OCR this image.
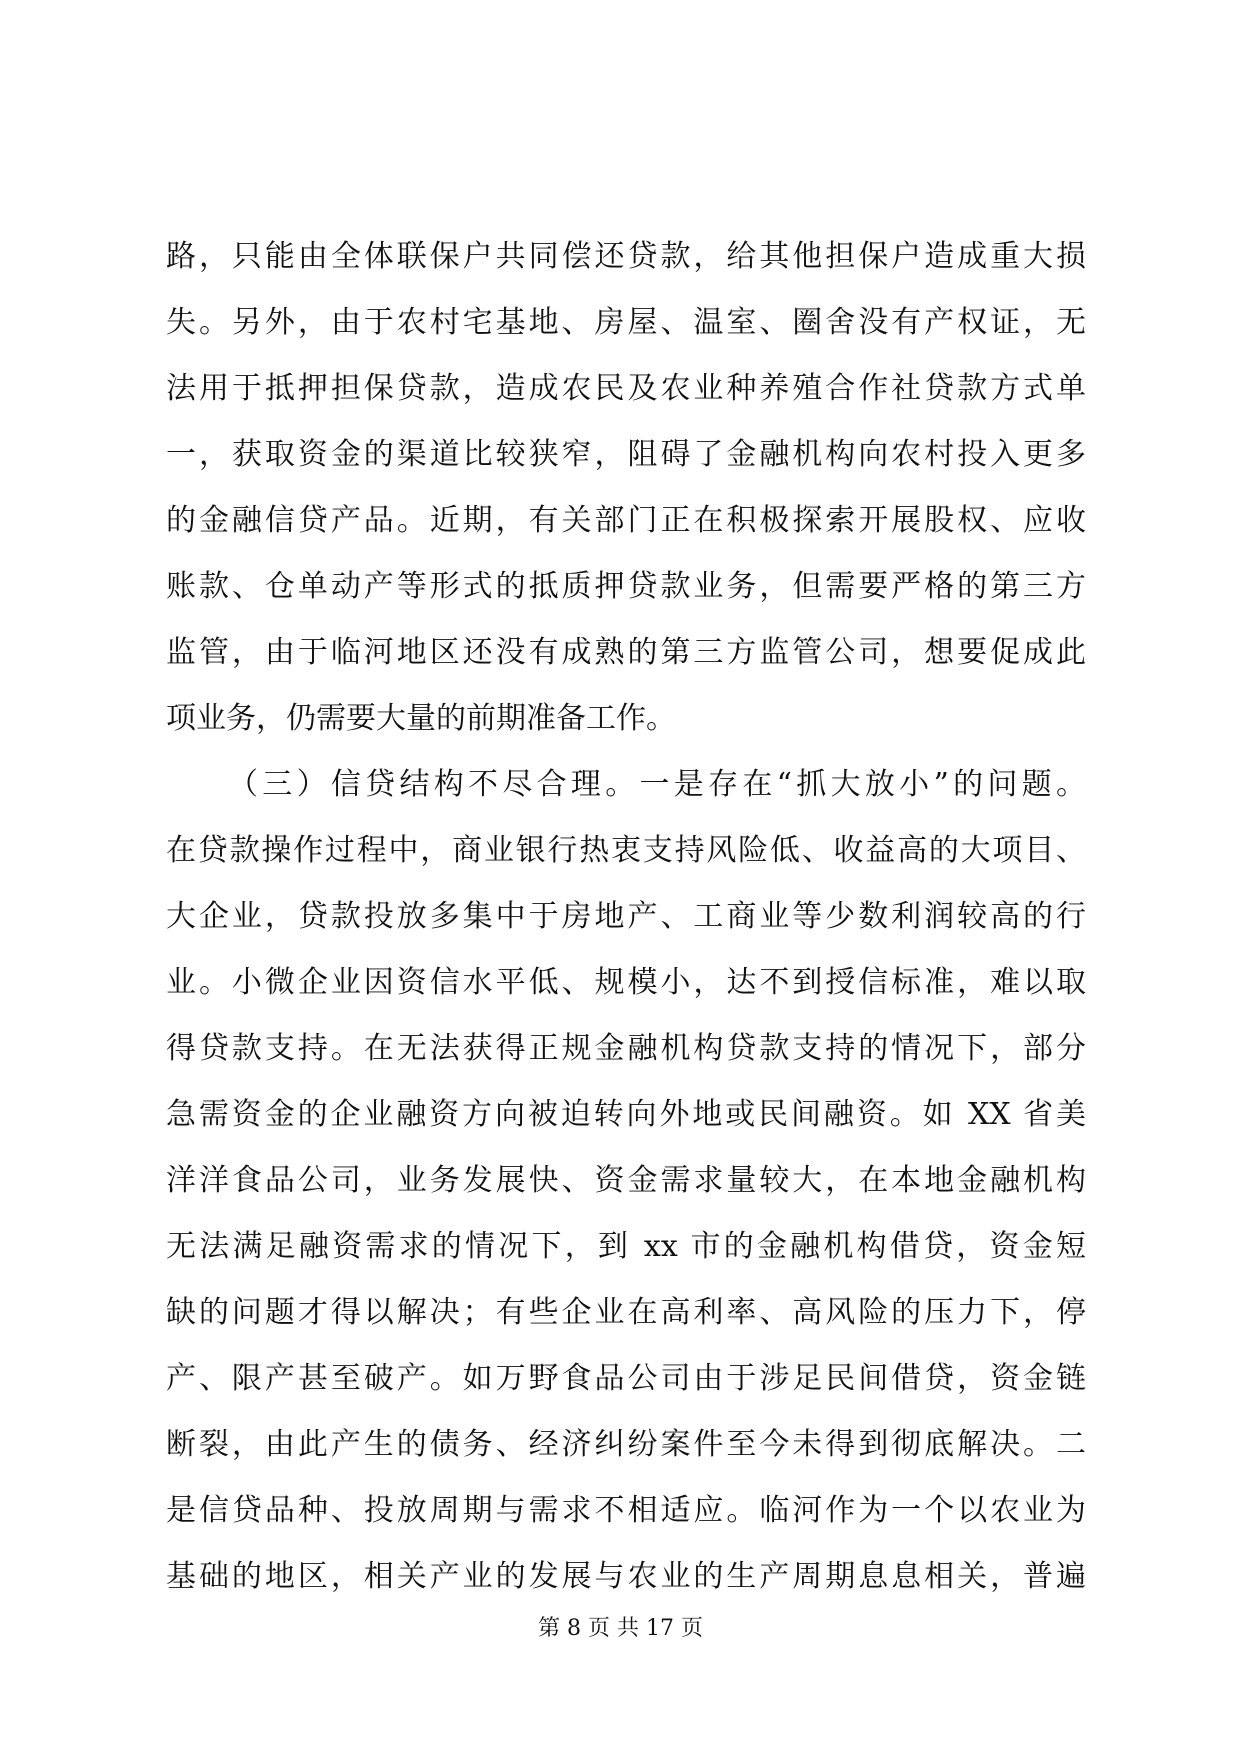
路，只能由全体联保户共同偿还贷款，给其他担保户造成重大损
失。另外，由于农村宅基地、房屋、温室、圈舍没有产权证，无
法用于抵押担保贷款，造成农民及农业种养殖合作社贷款方式单
一，获取资金的渠道比较狭窄，阻碍了金融机构向农村投入更多
的金融信贷产品。近期，有关部门正在积极探索开展股权、应收
账款、仓单动产等形式的抵质押贷款业务，但需要严格的第三方
监管，由于临河地区还没有成熟的第三方监管公司，想要促成此
项业务，仍需要大量的前期准备工作。
（三）信贷结构不尽合理。一是存在“抓大放小”的问题。
在贷款操作过程中，商业银行热衷支持风险低、收益高的大项目、
大企业，贷款投放多集中于房地产、工商业等少数利润较高的行
业。小微企业因资信水平低、规模小，达不到授信标准，难以取
得贷款支持。在无法获得正规金融机构贷款支持的情况下，部分
急需资金的企业融资方向被迫转向外地或民间融资。如 XX 省美
洋洋食品公司，业务发展快、资金需求量较大，在本地金融机构
无法满足融资需求的情况下，到 xx 市的金融机构借贷，资金短
缺的问题才得以解决；有些企业在高利率、高风险的压力下，停
产、限产甚至破产。如万野食品公司由于涉足民间借贷，资金链
断裂，由此产生的债务、经济纠纷案件至今未得到彻底解决。二
是信贷品种、投放周期与需求不相适应。临河作为一个以农业为
基础的地区，相关产业的发展与农业的生产周期息息相关，普遍
第 8 页 共 17 页
